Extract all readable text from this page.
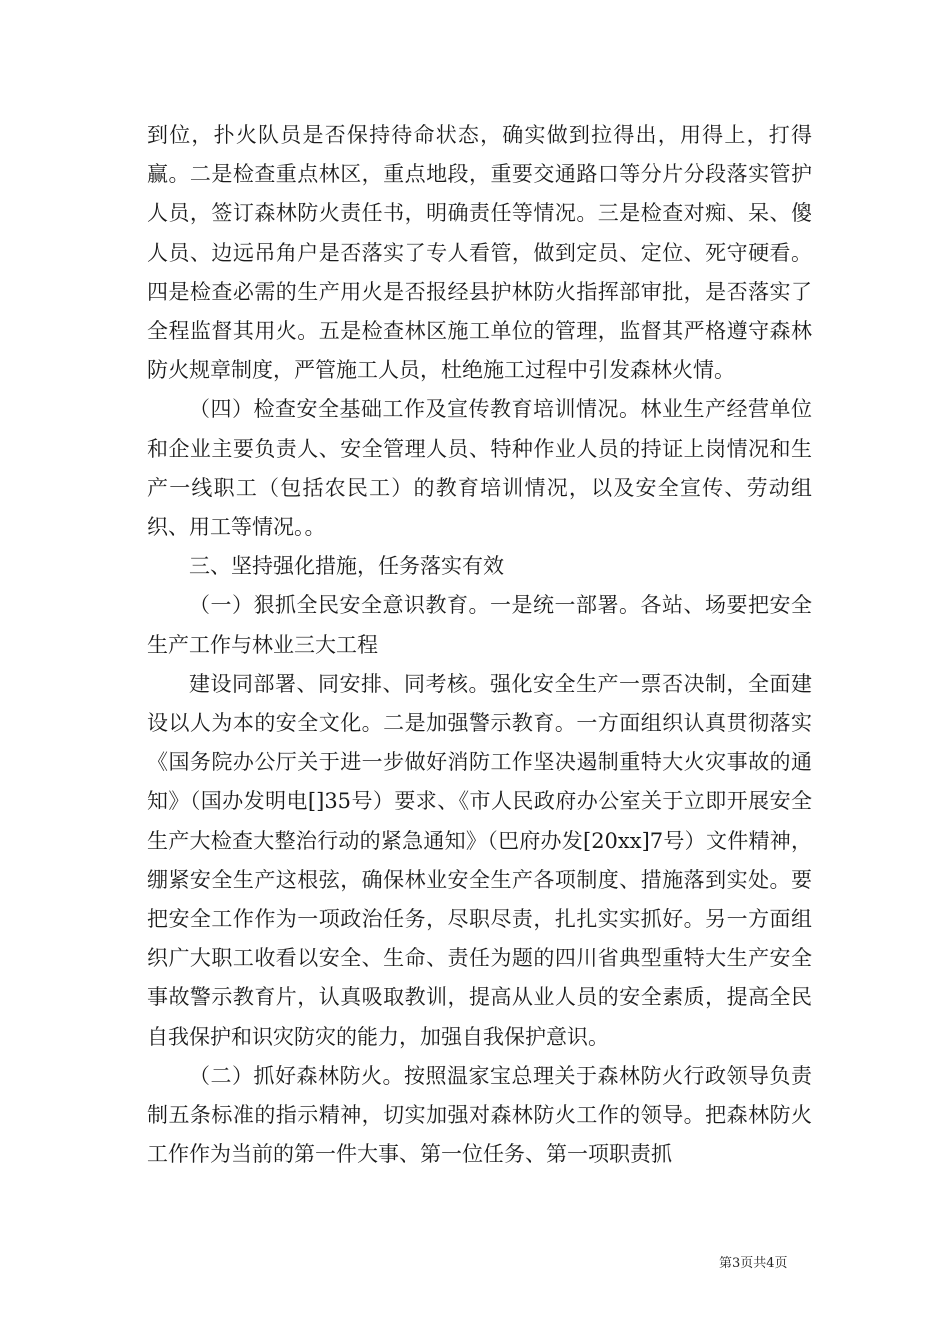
到位，扑火队员是否保持待命状态，确实做到拉得出，用得上，打得赢。二是检查重点林区，重点地段，重要交通路口等分片分段落实管护人员，签订森林防火责任书，明确责任等情况。三是检查对痴、呆、傻人员、边远吊角户是否落实了专人看管，做到定员、定位、死守硬看。四是检查必需的生产用火是否报经县护林防火指挥部审批，是否落实了全程监督其用火。五是检查林区施工单位的管理，监督其严格遵守森林防火规章制度，严管施工人员，杜绝施工过程中引发森林火情。

（四）检查安全基础工作及宣传教育培训情况。林业生产经营单位和企业主要负责人、安全管理人员、特种作业人员的持证上岗情况和生产一线职工（包括农民工）的教育培训情况，以及安全宣传、劳动组织、用工等情况。。

三、坚持强化措施，任务落实有效

（一）狠抓全民安全意识教育。一是统一部署。各站、场要把安全生产工作与林业三大工程

建设同部署、同安排、同考核。强化安全生产一票否决制，全面建设以人为本的安全文化。二是加强警示教育。一方面组织认真贯彻落实《国务院办公厅关于进一步做好消防工作坚决遏制重特大火灾事故的通知》（国办发明电[]35号）要求、《市人民政府办公室关于立即开展安全生产大检查大整治行动的紧急通知》（巴府办发[20xx]7号）文件精神，绷紧安全生产这根弦，确保林业安全生产各项制度、措施落到实处。要把安全工作作为一项政治任务，尽职尽责，扎扎实实抓好。另一方面组织广大职工收看以安全、生命、责任为题的四川省典型重特大生产安全事故警示教育片，认真吸取教训，提高从业人员的安全素质，提高全民自我保护和识灾防灾的能力，加强自我保护意识。

（二）抓好森林防火。按照温家宝总理关于森林防火行政领导负责制五条标准的指示精神，切实加强对森林防火工作的领导。把森林防火工作作为当前的第一件大事、第一位任务、第一项职责抓

第3页共4页
